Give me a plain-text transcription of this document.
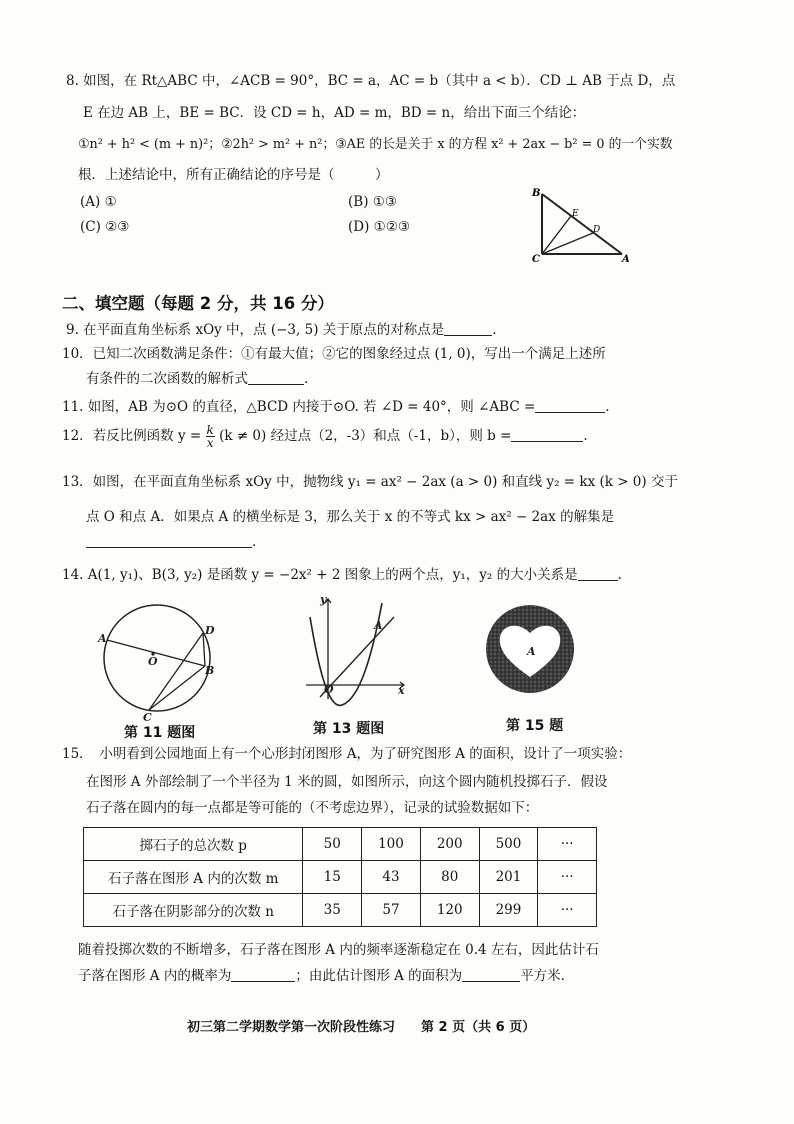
8. 如图，在 Rt△ABC 中，∠ACB = 90°，BC = a，AC = b（其中 a < b）．CD ⊥ AB 于点 D，点
E 在边 AB 上，BE = BC．设 CD = h，AD = m，BD = n，给出下面三个结论：
①n² + h² < (m + n)²；②2h² > m² + n²；③AE 的长是关于 x 的方程 x² + 2ax − b² = 0 的一个实数
根．上述结论中，所有正确结论的序号是（　　　）
(A) ①	(B) ①③
(C) ②③	(D) ①②③
B
C	A
E
D
二、填空题（每题 2 分，共 16 分）
9. 在平面直角坐标系 xOy 中，点 (−3, 5) 关于原点的对称点是	.
10．已知二次函数满足条件：①有最大值；②它的图象经过点 (1, 0)，写出一个满足上述所
有条件的二次函数的解析式	.
11. 如图，AB 为⊙O 的直径，△BCD 内接于⊙O. 若 ∠D = 40°，则 ∠ABC =	.
12．若反比例函数 $y = \frac{k}{x} (k \ne 0)$ 经过点（2，-3）和点（-1，b），则 b =	.
13．如图，在平面直角坐标系 xOy 中，抛物线 y₁ = ax² − 2ax (a > 0) 和直线 y₂ = kx (k > 0) 交于
点 O 和点 A．如果点 A 的横坐标是 3，那么关于 x 的不等式 kx > ax² − 2ax 的解集是
.
14. A(1, y₁)、B(3, y₂) 是函数 y = −2x² + 2 图象上的两个点，y₁，y₂ 的大小关系是	.
A
D
O
B
C
第 11 题图
y
x
A
O
第 13 题图
A
第 15 题
15．　小明看到公园地面上有一个心形封闭图形 A，为了研究图形 A 的面积，设计了一项实验：
在图形 A 外部绘制了一个半径为 1 米的圆，如图所示，向这个圆内随机投掷石子．假设
石子落在圆内的每一点都是等可能的（不考虑边界），记录的试验数据如下：
掷石子的总次数 p	50	100	200	500	···
石子落在图形 A 内的次数 m	15	43	80	201	···
石子落在阴影部分的次数 n	35	57	120	299	···
随着投掷次数的不断增多，石子落在图形 A 内的频率逐渐稳定在 0.4 左右，因此估计石
子落在图形 A 内的概率为	；由此估计图形 A 的面积为	平方米.
初三第二学期数学第一次阶段性练习　　第 2 页（共 6 页）
